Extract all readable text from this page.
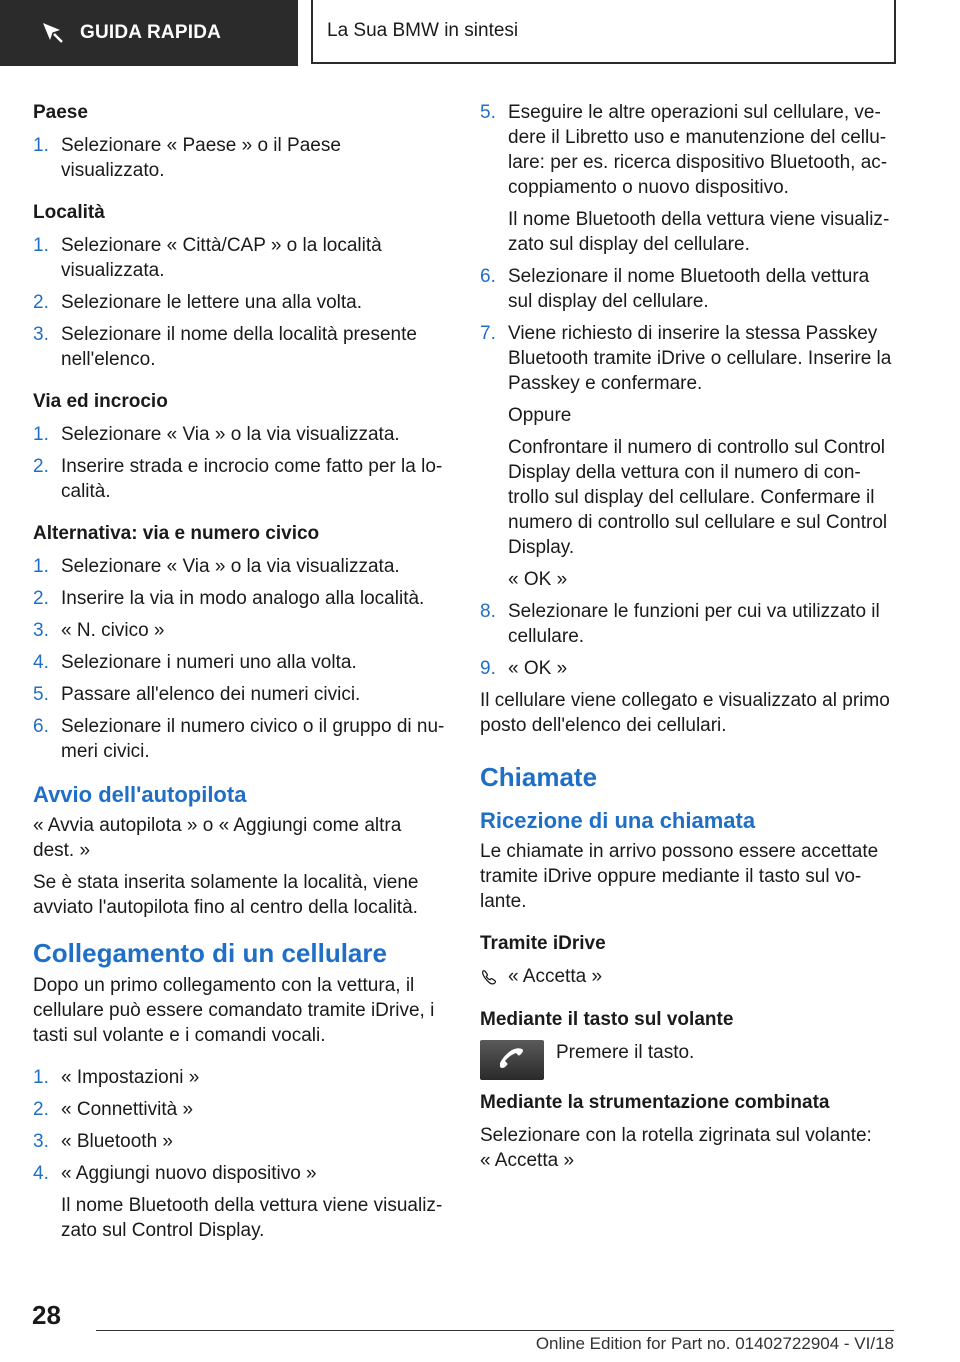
GUIDA RAPIDA	La Sua BMW in sintesi
Paese
1. Selezionare « Paese » o il Paese visualizzato.
Località
1. Selezionare « Città/CAP » o la località visualizzata.
2. Selezionare le lettere una alla volta.
3. Selezionare il nome della località presente nell'elenco.
Via ed incrocio
1. Selezionare « Via » o la via visualizzata.
2. Inserire strada e incrocio come fatto per la località.
Alternativa: via e numero civico
1. Selezionare « Via » o la via visualizzata.
2. Inserire la via in modo analogo alla località.
3. « N. civico »
4. Selezionare i numeri uno alla volta.
5. Passare all'elenco dei numeri civici.
6. Selezionare il numero civico o il gruppo di numeri civici.
Avvio dell'autopilota
« Avvia autopilota » o « Aggiungi come altra dest. »
Se è stata inserita solamente la località, viene avviato l'autopilota fino al centro della località.
Collegamento di un cellulare
Dopo un primo collegamento con la vettura, il cellulare può essere comandato tramite iDrive, i tasti sul volante e i comandi vocali.
1. « Impostazioni »
2. « Connettività »
3. « Bluetooth »
4. « Aggiungi nuovo dispositivo »
Il nome Bluetooth della vettura viene visualizzato sul Control Display.
5. Eseguire le altre operazioni sul cellulare, vedere il Libretto uso e manutenzione del cellulare: per es. ricerca dispositivo Bluetooth, accoppiamento o nuovo dispositivo.
Il nome Bluetooth della vettura viene visualizzato sul display del cellulare.
6. Selezionare il nome Bluetooth della vettura sul display del cellulare.
7. Viene richiesto di inserire la stessa Passkey Bluetooth tramite iDrive o cellulare. Inserire la Passkey e confermare.
Oppure
Confrontare il numero di controllo sul Control Display della vettura con il numero di controllo sul display del cellulare. Confermare il numero di controllo sul cellulare e sul Control Display.
« OK »
8. Selezionare le funzioni per cui va utilizzato il cellulare.
9. « OK »
Il cellulare viene collegato e visualizzato al primo posto dell'elenco dei cellulari.
Chiamate
Ricezione di una chiamata
Le chiamate in arrivo possono essere accettate tramite iDrive oppure mediante il tasto sul volante.
Tramite iDrive
« Accetta »
Mediante il tasto sul volante
Premere il tasto.
Mediante la strumentazione combinata
Selezionare con la rotella zigrinata sul volante:
« Accetta »
28
Online Edition for Part no. 01402722904 - VI/18
